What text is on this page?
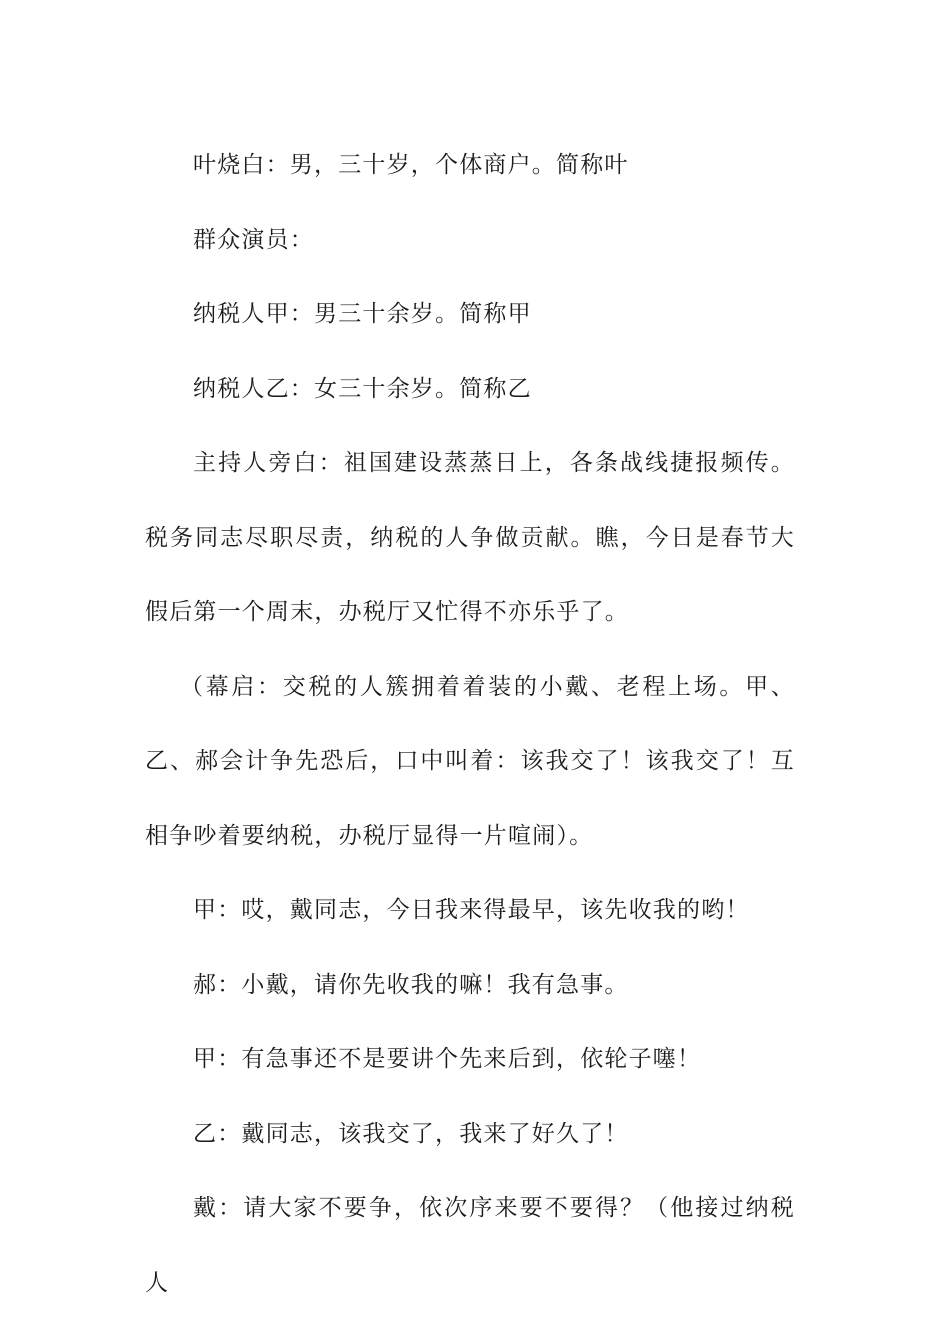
叶烧白：男，三十岁，个体商户。简称叶

群众演员：

纳税人甲：男三十余岁。简称甲

纳税人乙：女三十余岁。简称乙

主持人旁白：祖国建设蒸蒸日上，各条战线捷报频传。税务同志尽职尽责，纳税的人争做贡献。瞧，今日是春节大假后第一个周末，办税厅又忙得不亦乐乎了。

（幕启：交税的人簇拥着着装的小戴、老程上场。甲、乙、郝会计争先恐后，口中叫着：该我交了！该我交了！互相争吵着要纳税，办税厅显得一片喧闹）。

甲：哎，戴同志，今日我来得最早，该先收我的哟！

郝：小戴，请你先收我的嘛！我有急事。

甲：有急事还不是要讲个先来后到，依轮子噻！

乙：戴同志，该我交了，我来了好久了！

戴：请大家不要争，依次序来要不要得？（他接过纳税人
